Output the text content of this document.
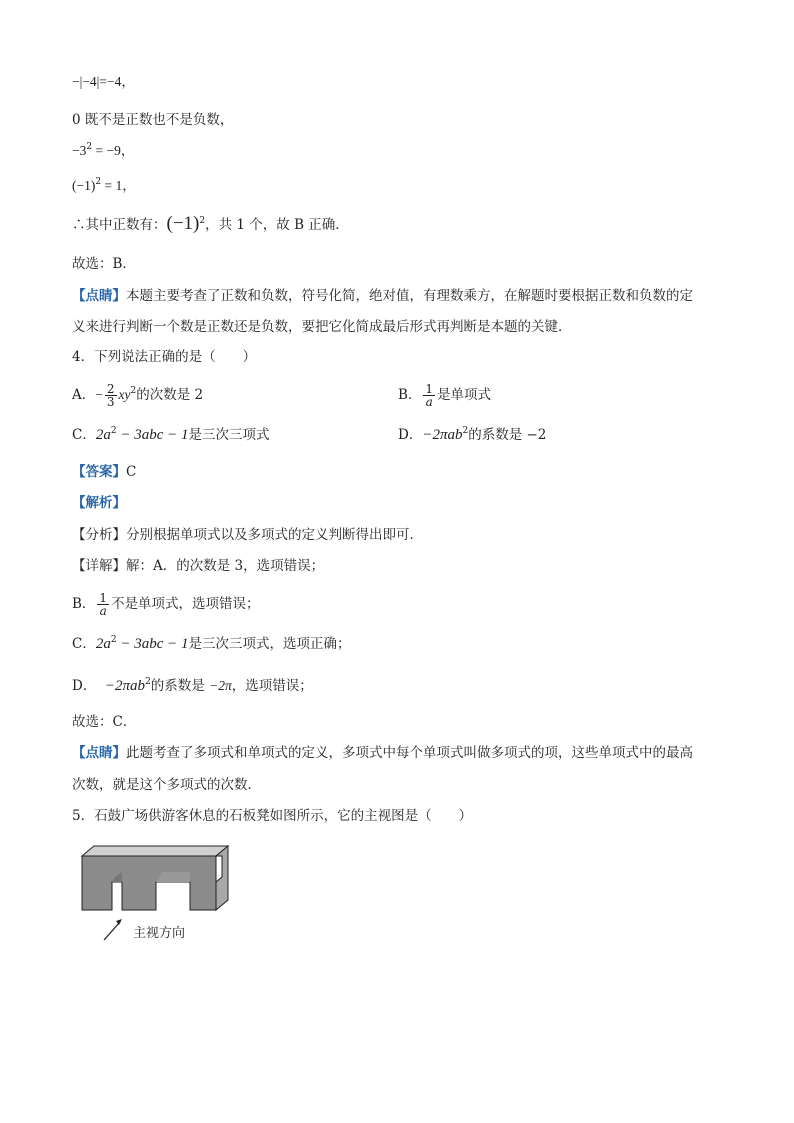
−|−4|=−4，
0 既不是正数也不是负数，
$-3^2 = -9$，
$(-1)^2 = 1$，
∴其中正数有：$(-1)^2$，共 1 个，故 B 正确．
故选：B．
【点睛】本题主要考查了正数和负数，符号化简，绝对值，有理数乘方，在解题时要根据正数和负数的定
义来进行判断一个数是正数还是负数，要把它化简成最后形式再判断是本题的关键．
4．下列说法正确的是（　　）
A．− $\frac{2}{3} xy^2$的次数是 2	B． $\frac{1}{a}$ 是单项式
C．$2a^2 - 3abc - 1$是三次三项式	D．−2πab$^2$的系数是 −2
【答案】C
【解析】
【分析】分别根据单项式以及多项式的定义判断得出即可．
【详解】解：A．的次数是 3，选项错误；
B． $\frac{1}{a}$ 不是单项式，选项错误；
C．$2a^2 - 3abc - 1$是三次三项式，选项正确；
D． −2πab$^2$的系数是 −2π，选项错误；
故选：C．
【点睛】此题考查了多项式和单项式的定义，多项式中每个单项式叫做多项式的项，这些单项式中的最高
次数，就是这个多项式的次数．
5．石鼓广场供游客休息的石板凳如图所示，它的主视图是（　　）
主视方向
